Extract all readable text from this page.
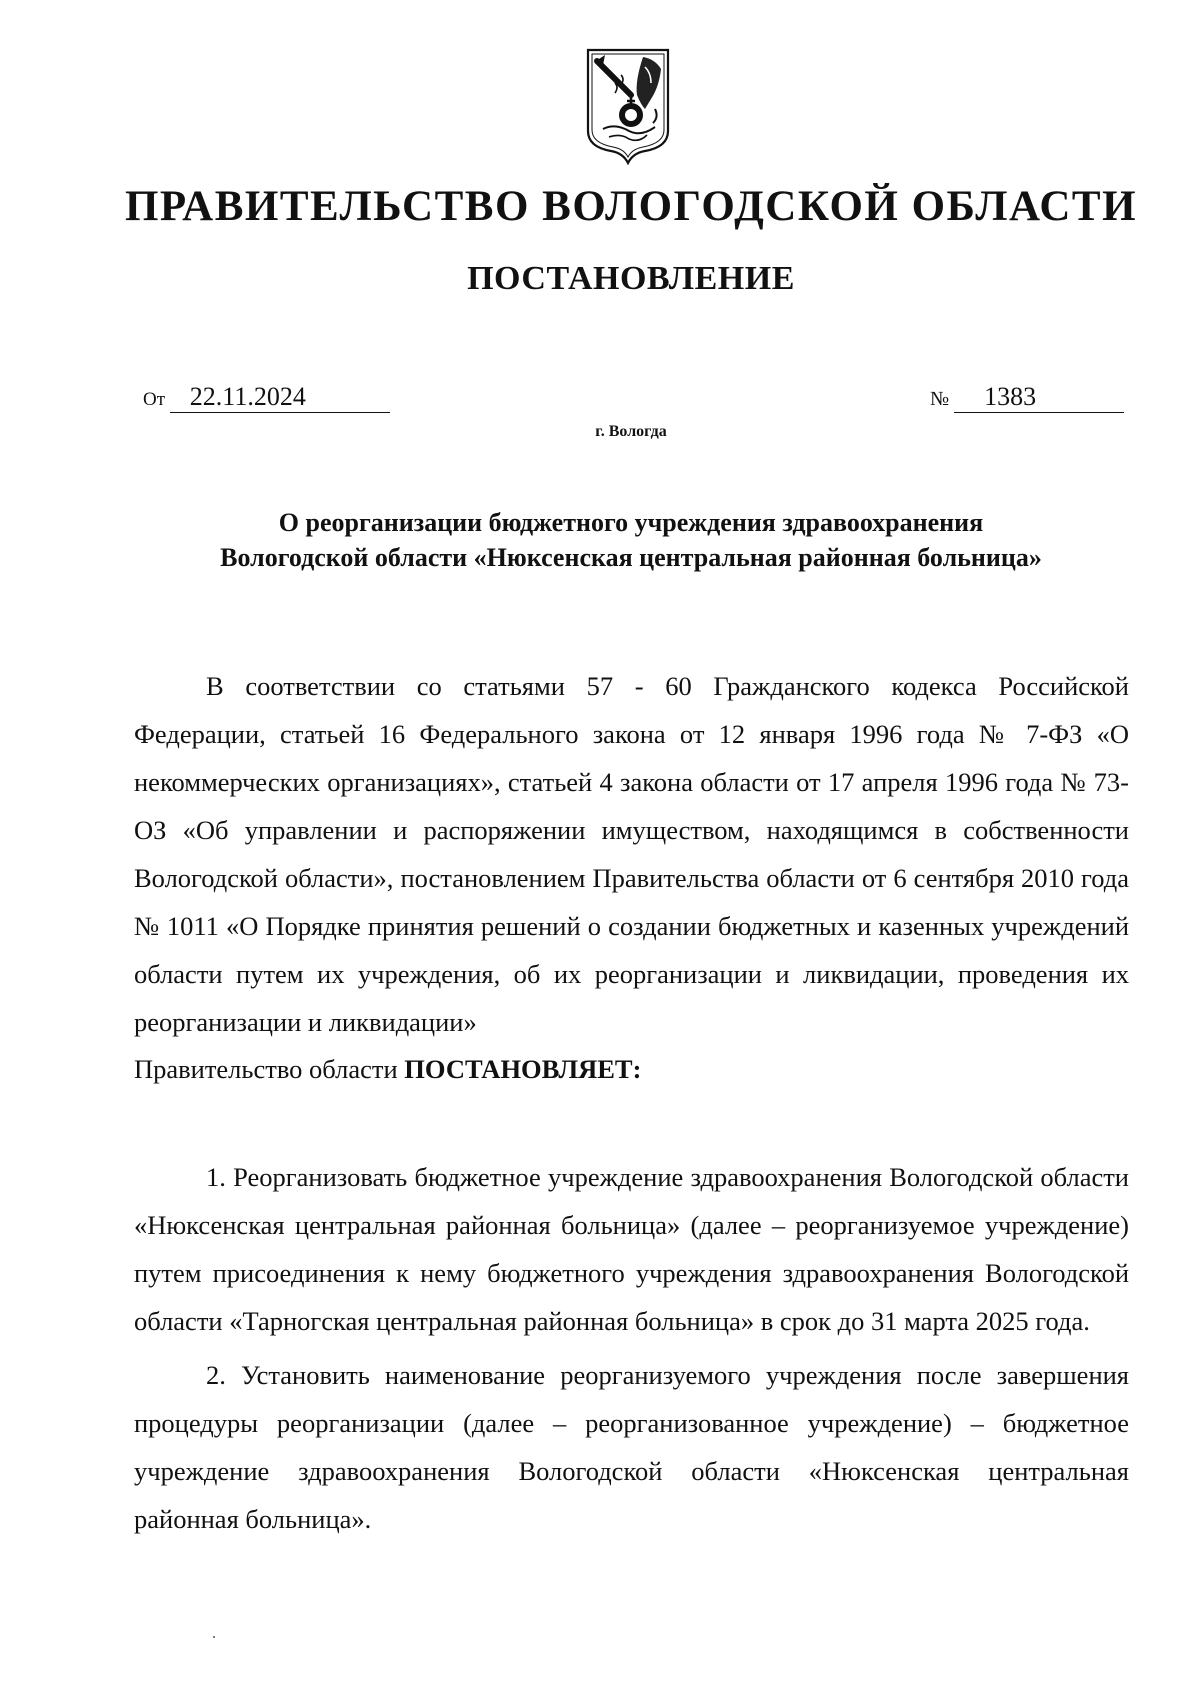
ПРАВИТЕЛЬСТВО ВОЛОГОДСКОЙ ОБЛАСТИ
ПОСТАНОВЛЕНИЕ
От 22.11.2024	№ 1383
г. Вологда
О реорганизации бюджетного учреждения здравоохранения
Вологодской области «Нюксенская центральная районная больница»

В соответствии со статьями 57 - 60 Гражданского кодекса Российской Федерации, статьей 16 Федерального закона от 12 января 1996 года № 7-ФЗ «О некоммерческих организациях», статьей 4 закона области от 17 апреля 1996 года № 73-ОЗ «Об управлении и распоряжении имуществом, находящимся в собственности Вологодской области», постановлением Правительства области от 6 сентября 2010 года № 1011 «О Порядке принятия решений о создании бюджетных и казенных учреждений области путем их учреждения, об их реорганизации и ликвидации, проведения их реорганизации и ликвидации»

Правительство области ПОСТАНОВЛЯЕТ:

1. Реорганизовать бюджетное учреждение здравоохранения Вологодской области «Нюксенская центральная районная больница» (далее – реорганизуемое учреждение) путем присоединения к нему бюджетного учреждения здравоохранения Вологодской области «Тарногская центральная районная больница» в срок до 31 марта 2025 года.

2. Установить наименование реорганизуемого учреждения после завершения процедуры реорганизации (далее – реорганизованное учреждение) – бюджетное учреждение здравоохранения Вологодской области «Нюксенская центральная районная больница».
